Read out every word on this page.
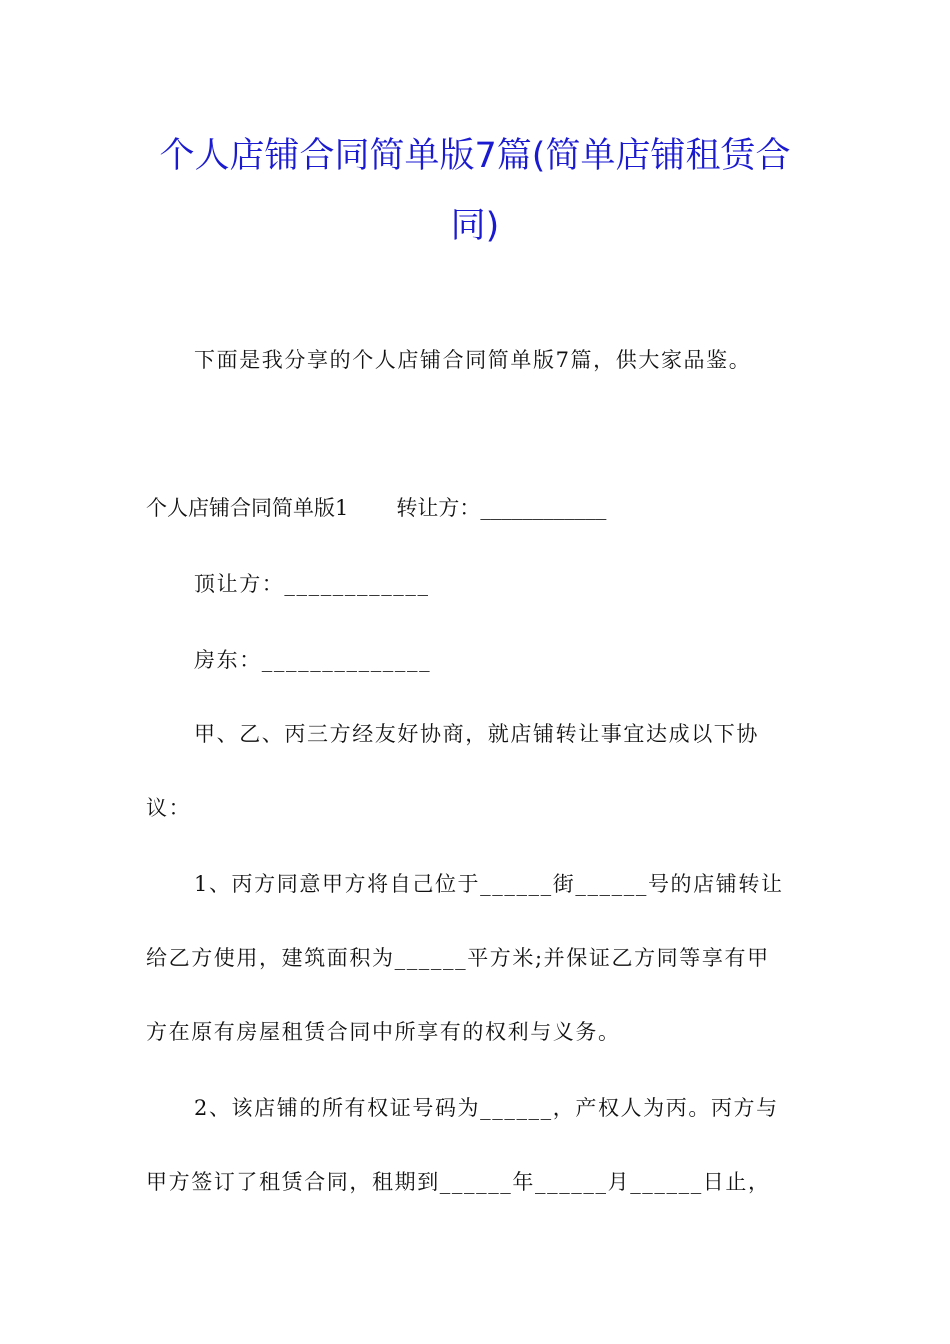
个人店铺合同简单版7篇(简单店铺租赁合
同)
下面是我分享的个人店铺合同简单版7篇，供大家品鉴。
个人店铺合同简单版1 转让方：____________
顶让方：____________
房东：______________
甲、乙、丙三方经友好协商，就店铺转让事宜达成以下协
议：
1、丙方同意甲方将自己位于______街______号的店铺转让
给乙方使用，建筑面积为______平方米;并保证乙方同等享有甲
方在原有房屋租赁合同中所享有的权利与义务。
2、该店铺的所有权证号码为______，产权人为丙。丙方与
甲方签订了租赁合同，租期到______年______月______日止，
